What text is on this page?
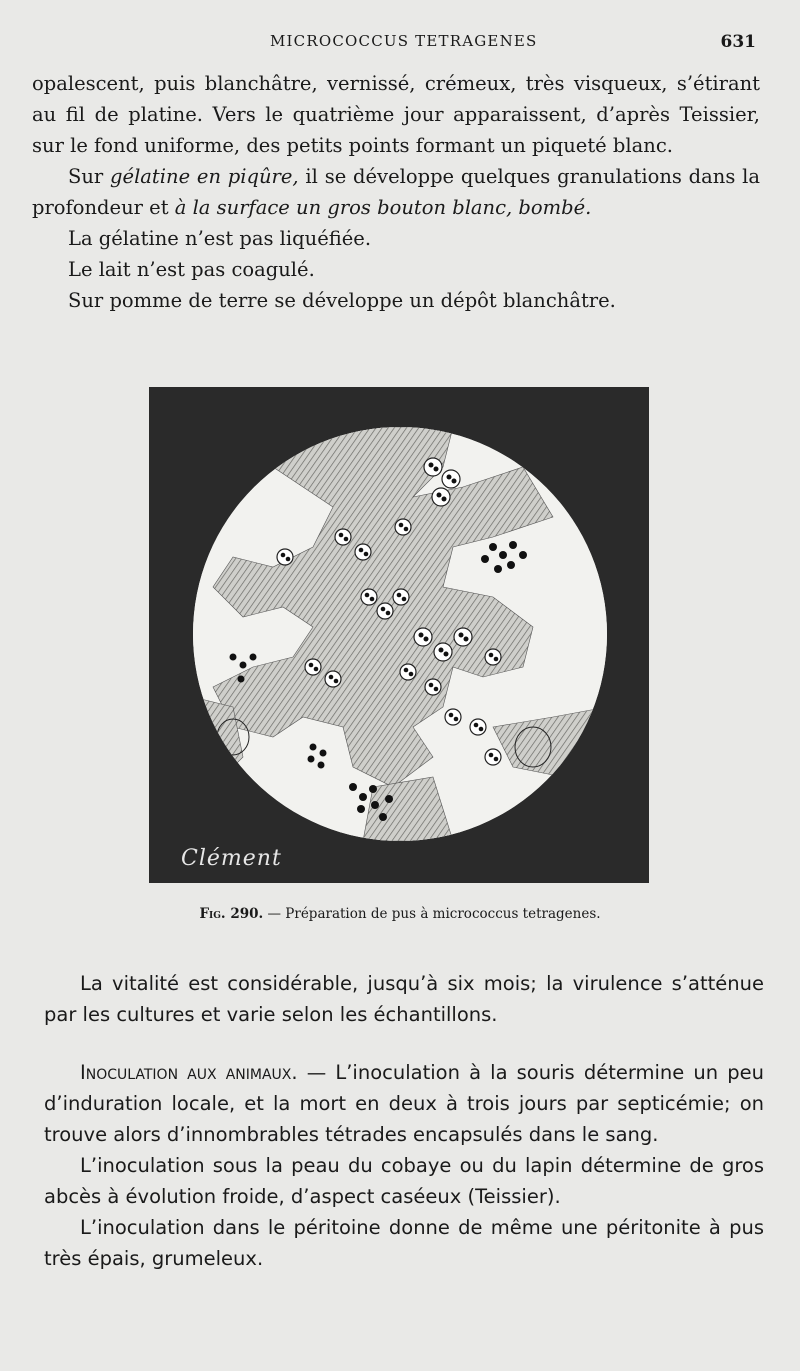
MICROCOCCUS TETRAGENES	631

opalescent, puis blanchâtre, vernissé, crémeux, très visqueux, s’étirant au fil de platine. Vers le quatrième jour apparaissent, d’après Teissier, sur le fond uniforme, des petits points formant un piqueté blanc.

Sur gélatine en piqûre, il se développe quelques granulations dans la profondeur et à la surface un gros bouton blanc, bombé.

La gélatine n’est pas liquéfiée.

Le lait n’est pas coagulé.

Sur pomme de terre se développe un dépôt blanchâtre.

Clément
Fig. 290. — Préparation de pus à micrococcus tetragenes.

La vitalité est considérable, jusqu’à six mois; la virulence s’atténue par les cultures et varie selon les échantillons.

Inoculation aux animaux. — L’inoculation à la souris détermine un peu d’induration locale, et la mort en deux à trois jours par septicémie; on trouve alors d’innombrables tétrades encapsulés dans le sang.

L’inoculation sous la peau du cobaye ou du lapin détermine de gros abcès à évolution froide, d’aspect caséeux (Teissier).

L’inoculation dans le péritoine donne de même une péritonite à pus très épais, grumeleux.
